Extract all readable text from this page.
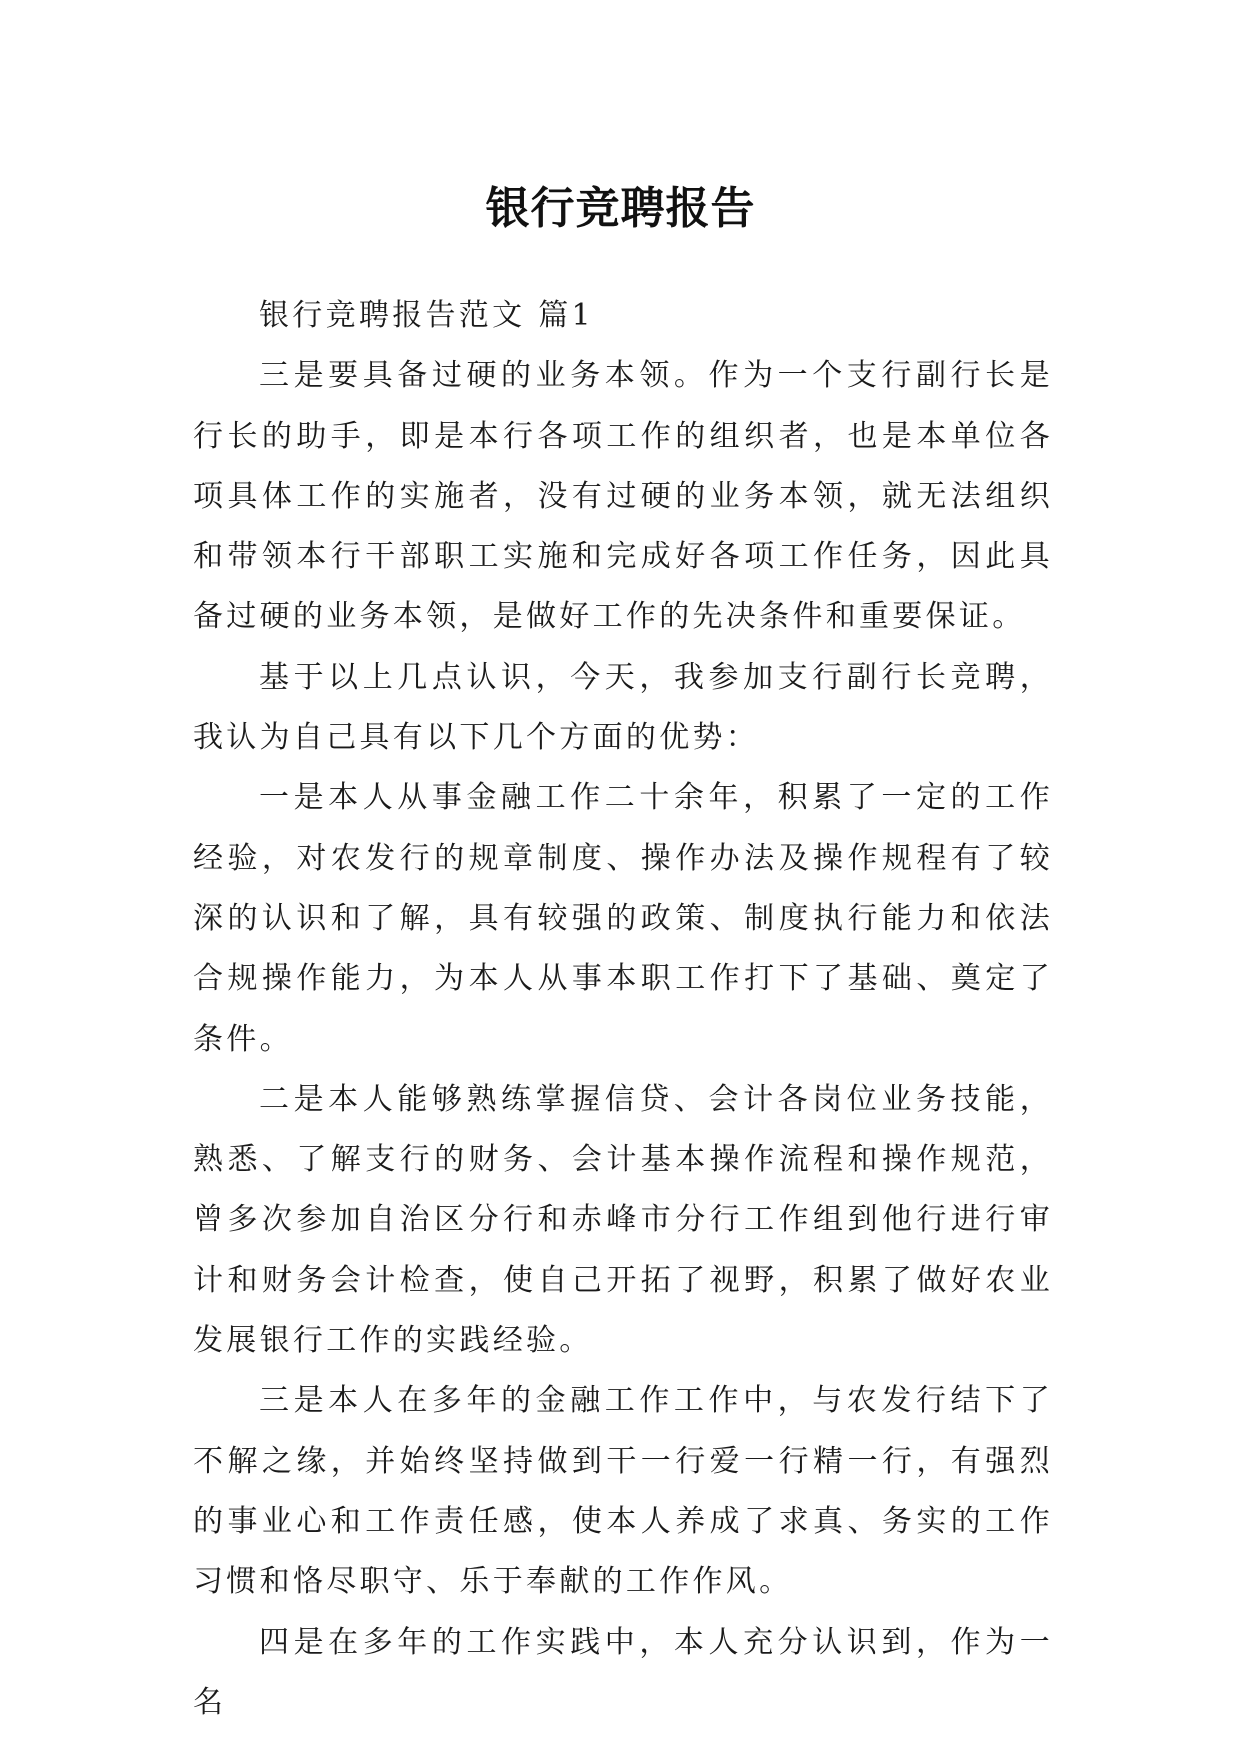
银行竞聘报告

银行竞聘报告范文 篇1

三是要具备过硬的业务本领。作为一个支行副行长是行长的助手，即是本行各项工作的组织者，也是本单位各项具体工作的实施者，没有过硬的业务本领，就无法组织和带领本行干部职工实施和完成好各项工作任务，因此具备过硬的业务本领，是做好工作的先决条件和重要保证。

基于以上几点认识，今天，我参加支行副行长竞聘，我认为自己具有以下几个方面的优势：

一是本人从事金融工作二十余年，积累了一定的工作经验，对农发行的规章制度、操作办法及操作规程有了较深的认识和了解，具有较强的政策、制度执行能力和依法合规操作能力，为本人从事本职工作打下了基础、奠定了条件。

二是本人能够熟练掌握信贷、会计各岗位业务技能，熟悉、了解支行的财务、会计基本操作流程和操作规范，曾多次参加自治区分行和赤峰市分行工作组到他行进行审计和财务会计检查，使自己开拓了视野，积累了做好农业发展银行工作的实践经验。

三是本人在多年的金融工作工作中，与农发行结下了不解之缘，并始终坚持做到干一行爱一行精一行，有强烈的事业心和工作责任感，使本人养成了求真、务实的工作习惯和恪尽职守、乐于奉献的工作作风。

四是在多年的工作实践中，本人充分认识到，作为一名
